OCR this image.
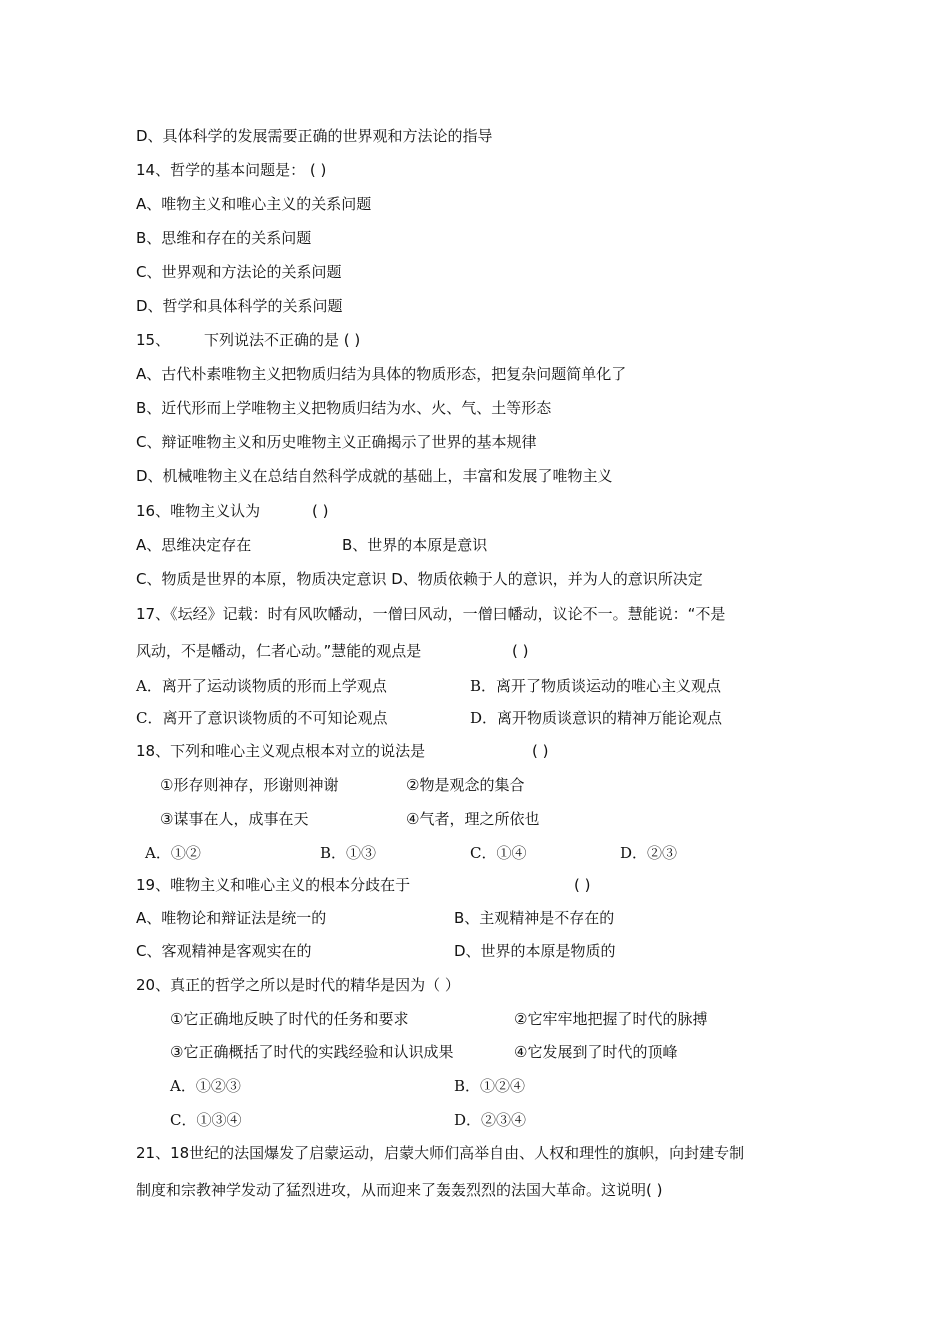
D、具体科学的发展需要正确的世界观和方法论的指导
14、哲学的基本问题是： ( )
A、唯物主义和唯心主义的关系问题
B、思维和存在的关系问题
C、世界观和方法论的关系问题
D、哲学和具体科学的关系问题
15、 下列说法不正确的是 ( )
A、古代朴素唯物主义把物质归结为具体的物质形态，把复杂问题简单化了
B、近代形而上学唯物主义把物质归结为水、火、气、土等形态
C、辩证唯物主义和历史唯物主义正确揭示了世界的基本规律
D、机械唯物主义在总结自然科学成就的基础上，丰富和发展了唯物主义
16、唯物主义认为	( )
A、思维决定存在	B、世界的本原是意识
C、物质是世界的本原，物质决定意识 D、物质依赖于人的意识，并为人的意识所决定
17、《坛经》记载：时有风吹幡动，一僧曰风动，一僧曰幡动，议论不一。慧能说：“不是
风动，不是幡动，仁者心动。”慧能的观点是	( )
A．离开了运动谈物质的形而上学观点	B．离开了物质谈运动的唯心主义观点
C．离开了意识谈物质的不可知论观点	D．离开物质谈意识的精神万能论观点
18、下列和唯心主义观点根本对立的说法是	( )
①形存则神存，形谢则神谢	②物是观念的集合
③谋事在人，成事在天	④气者，理之所依也
A．①②	B．①③	C．①④	D．②③
19、唯物主义和唯心主义的根本分歧在于	( )
A、唯物论和辩证法是统一的	B、主观精神是不存在的
C、客观精神是客观实在的	D、世界的本原是物质的
20、真正的哲学之所以是时代的精华是因为（ ）
①它正确地反映了时代的任务和要求	②它牢牢地把握了时代的脉搏
③它正确概括了时代的实践经验和认识成果	④它发展到了时代的顶峰
A．①②③	B．①②④
C．①③④	D．②③④
21、18世纪的法国爆发了启蒙运动，启蒙大师们高举自由、人权和理性的旗帜，向封建专制
制度和宗教神学发动了猛烈进攻，从而迎来了轰轰烈烈的法国大革命。这说明( )
